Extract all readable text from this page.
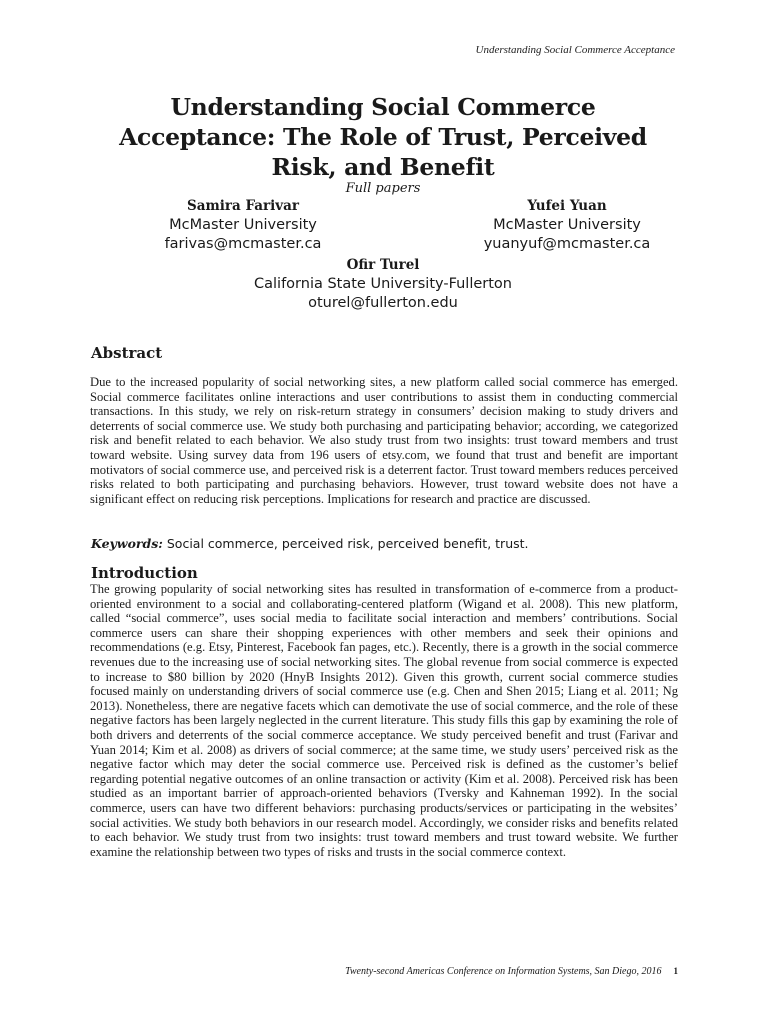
Understanding Social Commerce Acceptance
Understanding Social Commerce Acceptance: The Role of Trust, Perceived Risk, and Benefit
Full papers
Samira Farivar
McMaster University
farivas@mcmaster.ca
Yufei Yuan
McMaster University
yuanyuf@mcmaster.ca
Ofir Turel
California State University-Fullerton
oturel@fullerton.edu
Abstract
Due to the increased popularity of social networking sites, a new platform called social commerce has emerged. Social commerce facilitates online interactions and user contributions to assist them in conducting commercial transactions. In this study, we rely on risk-return strategy in consumers’ decision making to study drivers and deterrents of social commerce use. We study both purchasing and participating behavior; according, we categorized risk and benefit related to each behavior. We also study trust from two insights: trust toward members and trust toward website. Using survey data from 196 users of etsy.com, we found that trust and benefit are important motivators of social commerce use, and perceived risk is a deterrent factor. Trust toward members reduces perceived risks related to both participating and purchasing behaviors. However, trust toward website does not have a significant effect on reducing risk perceptions. Implications for research and practice are discussed.
Keywords: Social commerce, perceived risk, perceived benefit, trust.
Introduction
The growing popularity of social networking sites has resulted in transformation of e-commerce from a product-oriented environment to a social and collaborating-centered platform (Wigand et al. 2008). This new platform, called “social commerce”, uses social media to facilitate social interaction and members’ contributions. Social commerce users can share their shopping experiences with other members and seek their opinions and recommendations (e.g. Etsy, Pinterest, Facebook fan pages, etc.). Recently, there is a growth in the social commerce revenues due to the increasing use of social networking sites. The global revenue from social commerce is expected to increase to $80 billion by 2020 (HnyB Insights 2012). Given this growth, current social commerce studies focused mainly on understanding drivers of social commerce use (e.g. Chen and Shen 2015; Liang et al. 2011; Ng 2013). Nonetheless, there are negative facets which can demotivate the use of social commerce, and the role of these negative factors has been largely neglected in the current literature. This study fills this gap by examining the role of both drivers and deterrents of the social commerce acceptance. We study perceived benefit and trust (Farivar and Yuan 2014; Kim et al. 2008) as drivers of social commerce; at the same time, we study users’ perceived risk as the negative factor which may deter the social commerce use. Perceived risk is defined as the customer’s belief regarding potential negative outcomes of an online transaction or activity (Kim et al. 2008). Perceived risk has been studied as an important barrier of approach-oriented behaviors (Tversky and Kahneman 1992). In the social commerce, users can have two different behaviors: purchasing products/services or participating in the websites’ social activities. We study both behaviors in our research model. Accordingly, we consider risks and benefits related to each behavior. We study trust from two insights: trust toward members and trust toward website. We further examine the relationship between two types of risks and trusts in the social commerce context.
Twenty-second Americas Conference on Information Systems, San Diego, 2016 1
